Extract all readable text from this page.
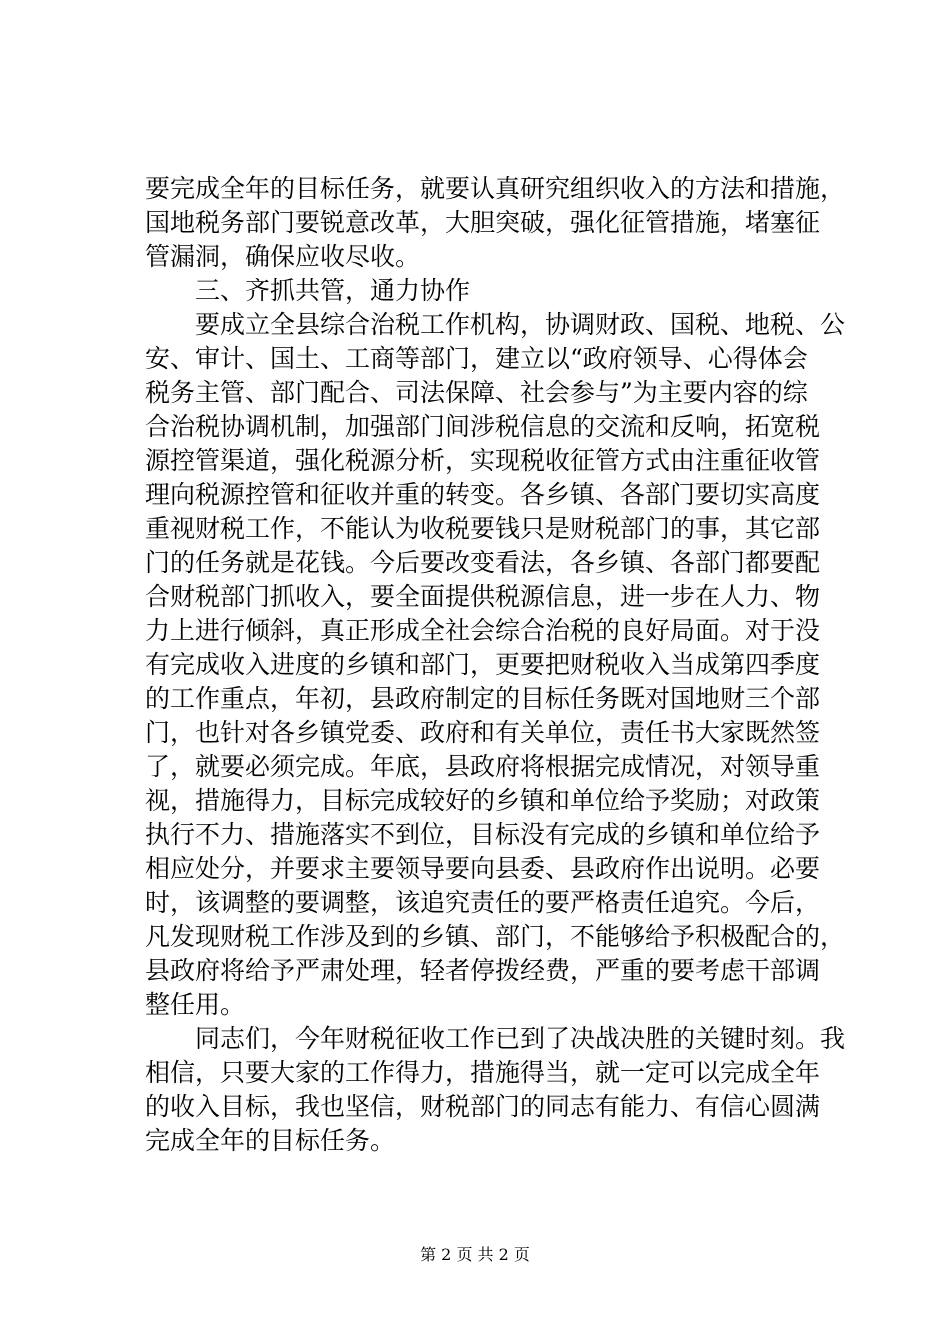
要完成全年的目标任务，就要认真研究组织收入的方法和措施，
国地税务部门要锐意改革，大胆突破，强化征管措施，堵塞征
管漏洞，确保应收尽收。
　　三、齐抓共管，通力协作
　　要成立全县综合治税工作机构，协调财政、国税、地税、公
安、审计、国土、工商等部门，建立以“政府领导、心得体会
税务主管、部门配合、司法保障、社会参与”为主要内容的综
合治税协调机制，加强部门间涉税信息的交流和反响，拓宽税
源控管渠道，强化税源分析，实现税收征管方式由注重征收管
理向税源控管和征收并重的转变。各乡镇、各部门要切实高度
重视财税工作，不能认为收税要钱只是财税部门的事，其它部
门的任务就是花钱。今后要改变看法，各乡镇、各部门都要配
合财税部门抓收入，要全面提供税源信息，进一步在人力、物
力上进行倾斜，真正形成全社会综合治税的良好局面。对于没
有完成收入进度的乡镇和部门，更要把财税收入当成第四季度
的工作重点，年初，县政府制定的目标任务既对国地财三个部
门，也针对各乡镇党委、政府和有关单位，责任书大家既然签
了，就要必须完成。年底，县政府将根据完成情况，对领导重
视，措施得力，目标完成较好的乡镇和单位给予奖励；对政策
执行不力、措施落实不到位，目标没有完成的乡镇和单位给予
相应处分，并要求主要领导要向县委、县政府作出说明。必要
时，该调整的要调整，该追究责任的要严格责任追究。今后，
凡发现财税工作涉及到的乡镇、部门，不能够给予积极配合的，
县政府将给予严肃处理，轻者停拨经费，严重的要考虑干部调
整任用。
　　同志们，今年财税征收工作已到了决战决胜的关键时刻。我
相信，只要大家的工作得力，措施得当，就一定可以完成全年
的收入目标，我也坚信，财税部门的同志有能力、有信心圆满
完成全年的目标任务。
第 2 页 共 2 页
